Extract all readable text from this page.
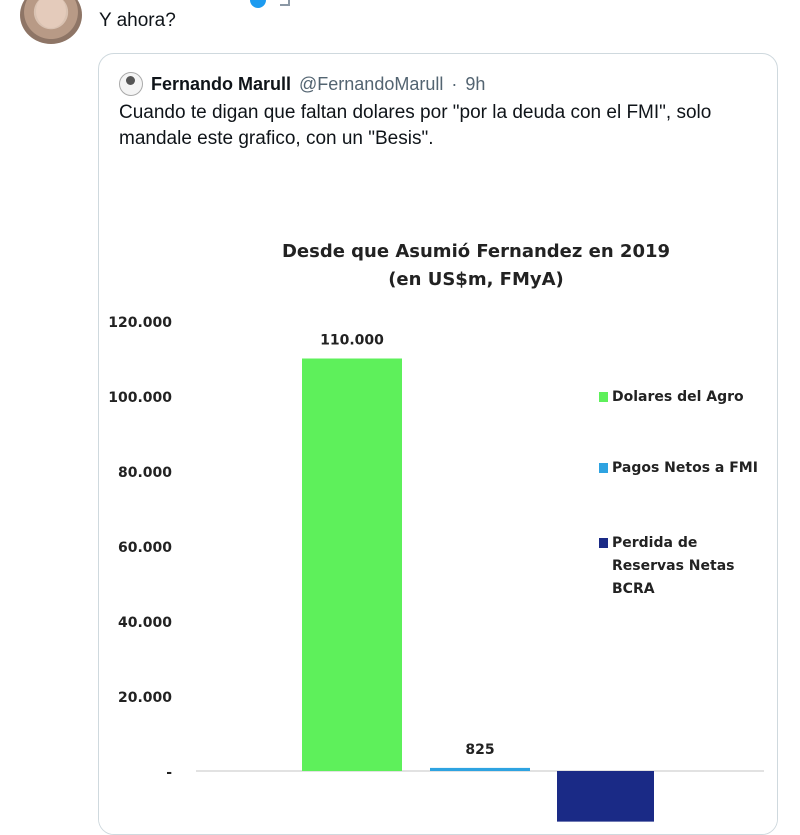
Y ahora?
Fernando Marull @FernandoMarull · 9h
Cuando te digan que faltan dolares por "por la deuda con el FMI", solo mandale este grafico, con un "Besis".
Desde que Asumió Fernandez en 2019
(en US$m, FMyA)
120.000
100.000
80.000
60.000
40.000
20.000
-
110.000
825
Dolares del Agro
Pagos Netos a FMI
Perdida de
Reservas Netas
BCRA
